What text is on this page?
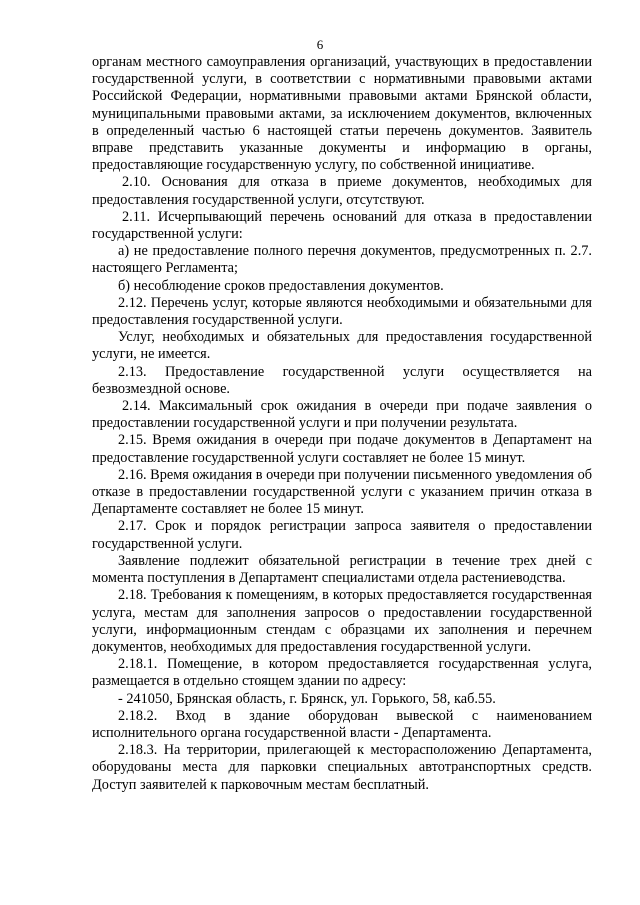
6

органам местного самоуправления организаций, участвующих в предоставлении государственной услуги, в соответствии с нормативными правовыми актами Российской Федерации, нормативными правовыми актами Брянской области, муниципальными правовыми актами, за исключением документов, включенных в определенный частью 6 настоящей статьи перечень документов. Заявитель вправе представить указанные документы и информацию в органы, предоставляющие государственную услугу, по собственной инициативе.

2.10. Основания для отказа в приеме документов, необходимых для предоставления государственной услуги, отсутствуют.

2.11. Исчерпывающий перечень оснований для отказа в предоставлении государственной услуги:

а) не предоставление полного перечня документов, предусмотренных п. 2.7. настоящего Регламента;

б) несоблюдение сроков предоставления документов.

2.12. Перечень услуг, которые являются необходимыми и обязательными для предоставления государственной услуги.

Услуг, необходимых и обязательных для предоставления государственной услуги, не имеется.

2.13. Предоставление государственной услуги осуществляется на безвозмездной основе.

2.14. Максимальный срок ожидания в очереди при подаче заявления о предоставлении государственной услуги и при получении результата.

2.15. Время ожидания в очереди при подаче документов в Департамент на предоставление государственной услуги составляет не более 15 минут.

2.16. Время ожидания в очереди при получении письменного уведомления об отказе в предоставлении государственной услуги с указанием причин отказа в Департаменте составляет не более 15 минут.

2.17. Срок и порядок регистрации запроса заявителя о предоставлении государственной услуги.

Заявление подлежит обязательной регистрации в течение трех дней с момента поступления в Департамент специалистами отдела растениеводства.

2.18. Требования к помещениям, в которых предоставляется государственная услуга, местам для заполнения запросов о предоставлении государственной услуги, информационным стендам с образцами их заполнения и перечнем документов, необходимых для предоставления государственной услуги.

2.18.1. Помещение, в котором предоставляется государственная услуга, размещается в отдельно стоящем здании по адресу:

- 241050, Брянская область, г. Брянск, ул. Горького, 58, каб.55.

2.18.2. Вход в здание оборудован вывеской с наименованием исполнительного органа государственной власти - Департамента.

2.18.3. На территории, прилегающей к месторасположению Департамента, оборудованы места для парковки специальных автотранспортных средств. Доступ заявителей к парковочным местам бесплатный.
